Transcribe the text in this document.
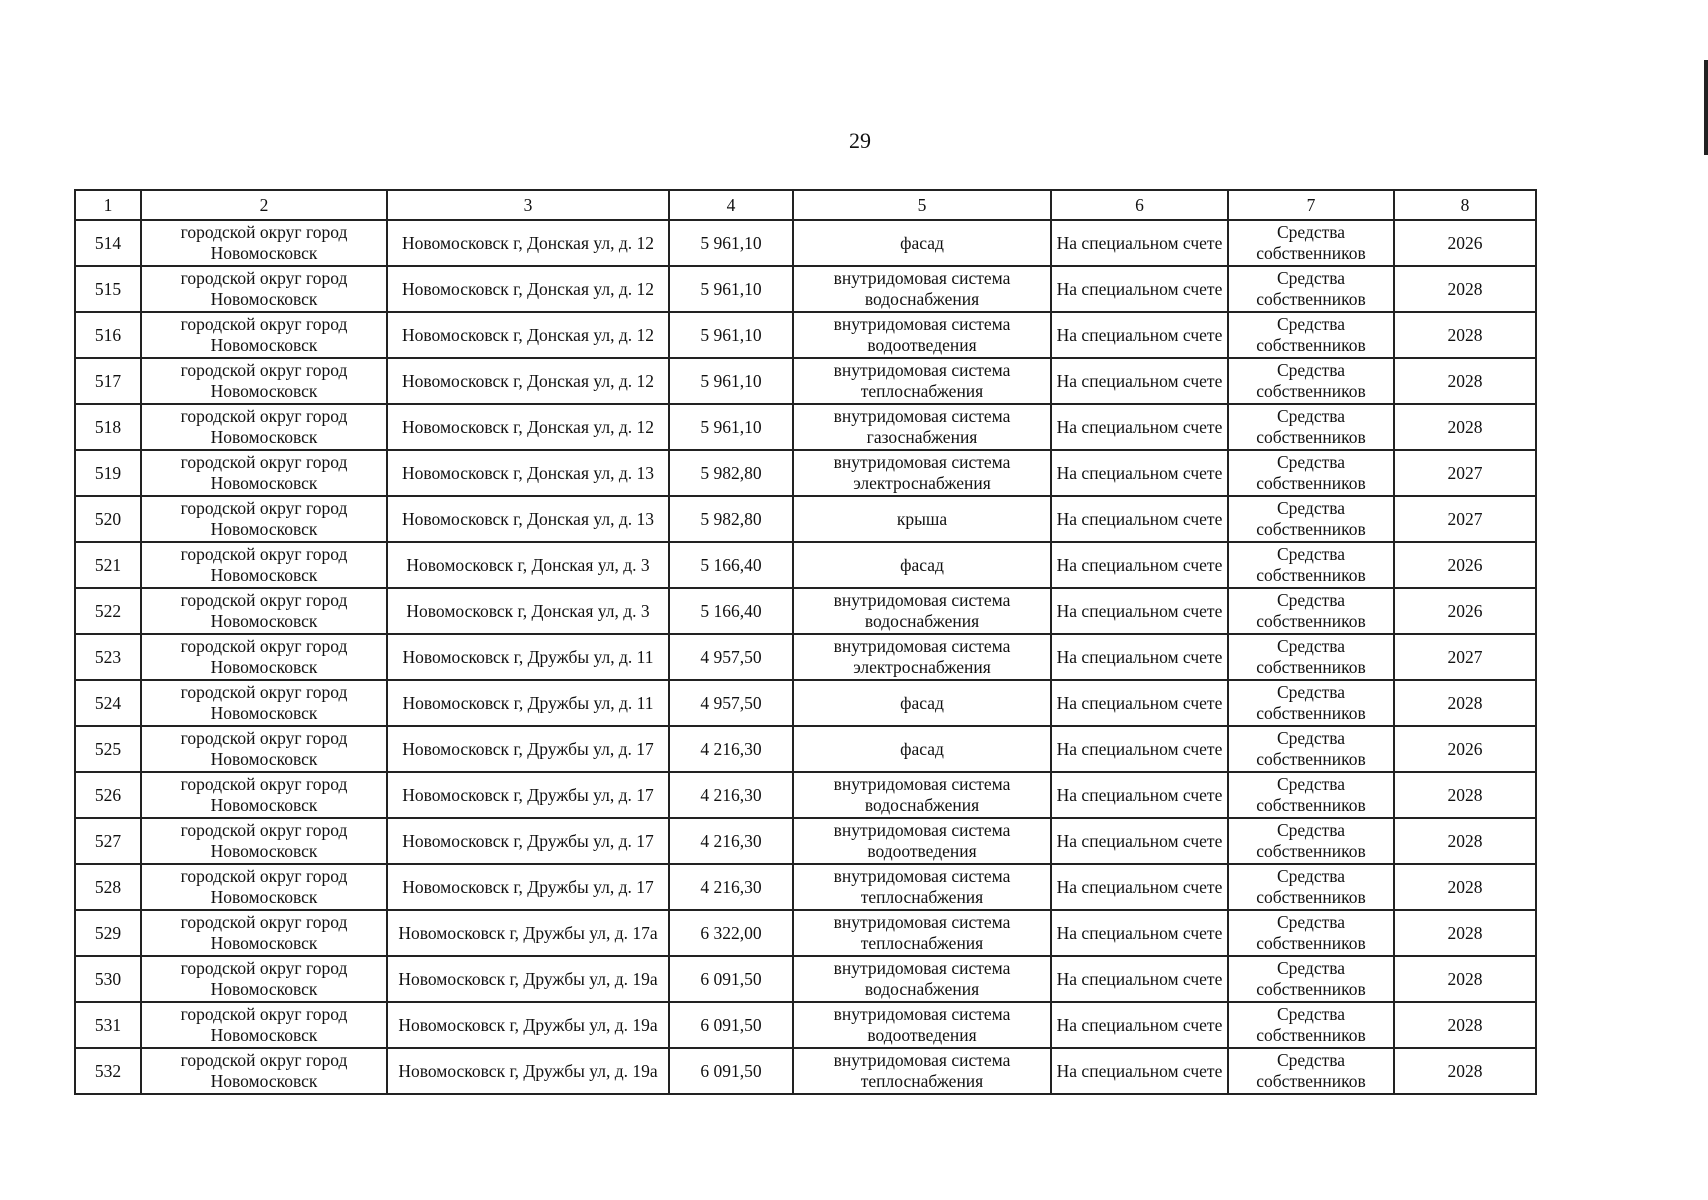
29
1	2	3	4	5	6	7	8
514	городской округ город Новомосковск	Новомосковск г, Донская ул, д. 12	5 961,10	фасад	На специальном счете	Средства собственников	2026
515	городской округ город Новомосковск	Новомосковск г, Донская ул, д. 12	5 961,10	внутридомовая система водоснабжения	На специальном счете	Средства собственников	2028
516	городской округ город Новомосковск	Новомосковск г, Донская ул, д. 12	5 961,10	внутридомовая система водоотведения	На специальном счете	Средства собственников	2028
517	городской округ город Новомосковск	Новомосковск г, Донская ул, д. 12	5 961,10	внутридомовая система теплоснабжения	На специальном счете	Средства собственников	2028
518	городской округ город Новомосковск	Новомосковск г, Донская ул, д. 12	5 961,10	внутридомовая система газоснабжения	На специальном счете	Средства собственников	2028
519	городской округ город Новомосковск	Новомосковск г, Донская ул, д. 13	5 982,80	внутридомовая система электроснабжения	На специальном счете	Средства собственников	2027
520	городской округ город Новомосковск	Новомосковск г, Донская ул, д. 13	5 982,80	крыша	На специальном счете	Средства собственников	2027
521	городской округ город Новомосковск	Новомосковск г, Донская ул, д. 3	5 166,40	фасад	На специальном счете	Средства собственников	2026
522	городской округ город Новомосковск	Новомосковск г, Донская ул, д. 3	5 166,40	внутридомовая система водоснабжения	На специальном счете	Средства собственников	2026
523	городской округ город Новомосковск	Новомосковск г, Дружбы ул, д. 11	4 957,50	внутридомовая система электроснабжения	На специальном счете	Средства собственников	2027
524	городской округ город Новомосковск	Новомосковск г, Дружбы ул, д. 11	4 957,50	фасад	На специальном счете	Средства собственников	2028
525	городской округ город Новомосковск	Новомосковск г, Дружбы ул, д. 17	4 216,30	фасад	На специальном счете	Средства собственников	2026
526	городской округ город Новомосковск	Новомосковск г, Дружбы ул, д. 17	4 216,30	внутридомовая система водоснабжения	На специальном счете	Средства собственников	2028
527	городской округ город Новомосковск	Новомосковск г, Дружбы ул, д. 17	4 216,30	внутридомовая система водоотведения	На специальном счете	Средства собственников	2028
528	городской округ город Новомосковск	Новомосковск г, Дружбы ул, д. 17	4 216,30	внутридомовая система теплоснабжения	На специальном счете	Средства собственников	2028
529	городской округ город Новомосковск	Новомосковск г, Дружбы ул, д. 17а	6 322,00	внутридомовая система теплоснабжения	На специальном счете	Средства собственников	2028
530	городской округ город Новомосковск	Новомосковск г, Дружбы ул, д. 19а	6 091,50	внутридомовая система водоснабжения	На специальном счете	Средства собственников	2028
531	городской округ город Новомосковск	Новомосковск г, Дружбы ул, д. 19а	6 091,50	внутридомовая система водоотведения	На специальном счете	Средства собственников	2028
532	городской округ город Новомосковск	Новомосковск г, Дружбы ул, д. 19а	6 091,50	внутридомовая система теплоснабжения	На специальном счете	Средства собственников	2028
